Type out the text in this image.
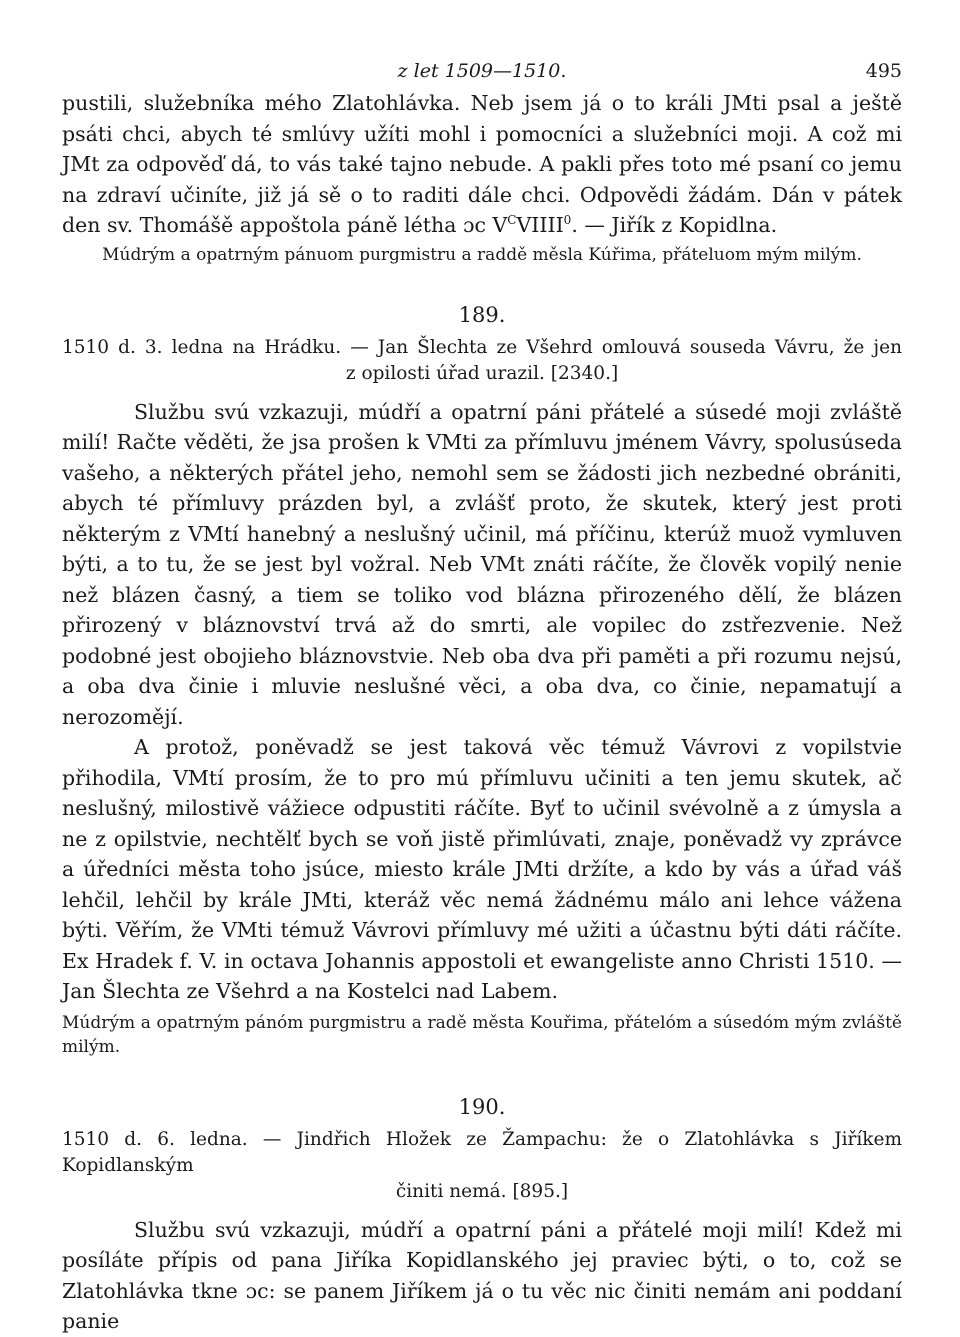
z let 1509—1510.	495

pustili, služebníka mého Zlatohlávka. Neb jsem já o to králi JMti psal a ještě psáti chci, abych té smlúvy užíti mohl i pomocníci a služebníci moji. A což mi JMt za odpověď dá, to vás také tajno nebude. A pakli přes toto mé psaní co jemu na zdraví učiníte, již já sě o to raditi dále chci. Odpovědi žádám. Dán v pátek den sv. Thomášě appoštola páně létha ɔc $V^CVIIII^0$. — Jiřík z Kopidlna.

Múdrým a opatrným pánuom purgmistru a raddě měsla Kúřima, přáteluom mým milým.

189.
1510 d. 3. ledna na Hrádku. — Jan Šlechta ze Všehrd omlouvá souseda Vávru, že jen
z opilosti úřad urazil. [2340.]

Službu svú vzkazuji, múdří a opatrní páni přátelé a súsedé moji zvláště milí! Račte věděti, že jsa prošen k VMti za přímluvu jménem Vávry, spolusúseda vašeho, a některých přátel jeho, nemohl sem se žádosti jich nezbedné obrániti, abych té přímluvy prázden byl, a zvlášť proto, že skutek, který jest proti některým z VMtí hanebný a neslušný učinil, má příčinu, kterúž muož vymluven býti, a to tu, že se jest byl vožral. Neb VMt znáti ráčíte, že člověk vopilý nenie než blázen časný, a tiem se toliko vod blázna přirozeného dělí, že blázen přirozený v bláznovství trvá až do smrti, ale vopilec do zstřezvenie. Než podobné jest obojieho bláznovstvie. Neb oba dva při paměti a při rozumu nejsú, a oba dva činie i mluvie neslušné věci, a oba dva, co činie, nepamatují a nerozomějí.

A protož, poněvadž se jest taková věc témuž Vávrovi z vopilstvie přihodila, VMtí prosím, že to pro mú přímluvu učiniti a ten jemu skutek, ač neslušný, milostivě vážiece odpustiti ráčíte. Byť to učinil svévolně a z úmysla a ne z opilstvie, nechtělť bych se voň jistě přimlúvati, znaje, poněvadž vy zprávce a úředníci města toho jsúce, miesto krále JMti držíte, a kdo by vás a úřad váš lehčil, lehčil by krále JMti, kteráž věc nemá žádnému málo ani lehce vážena býti. Věřím, že VMti témuž Vávrovi přímluvy mé užiti a účastnu býti dáti ráčíte. Ex Hradek f. V. in octava Johannis appostoli et ewangeliste anno Christi 1510. — Jan Šlechta ze Všehrd a na Kostelci nad Labem.

Múdrým a opatrným pánóm purgmistru a radě města Kouřima, přátelóm a súsedóm mým zvláště milým.

190.
1510 d. 6. ledna. — Jindřich Hložek ze Žampachu: že o Zlatohlávka s Jiříkem Kopidlanským
činiti nemá. [895.]

Službu svú vzkazuji, múdří a opatrní páni a přátelé moji milí! Kdež mi posíláte přípis od pana Jiříka Kopidlanského jej praviec býti, o to, což se Zlatohlávka tkne ɔc: se panem Jiříkem já o tu věc nic činiti nemám ani poddaní panie
